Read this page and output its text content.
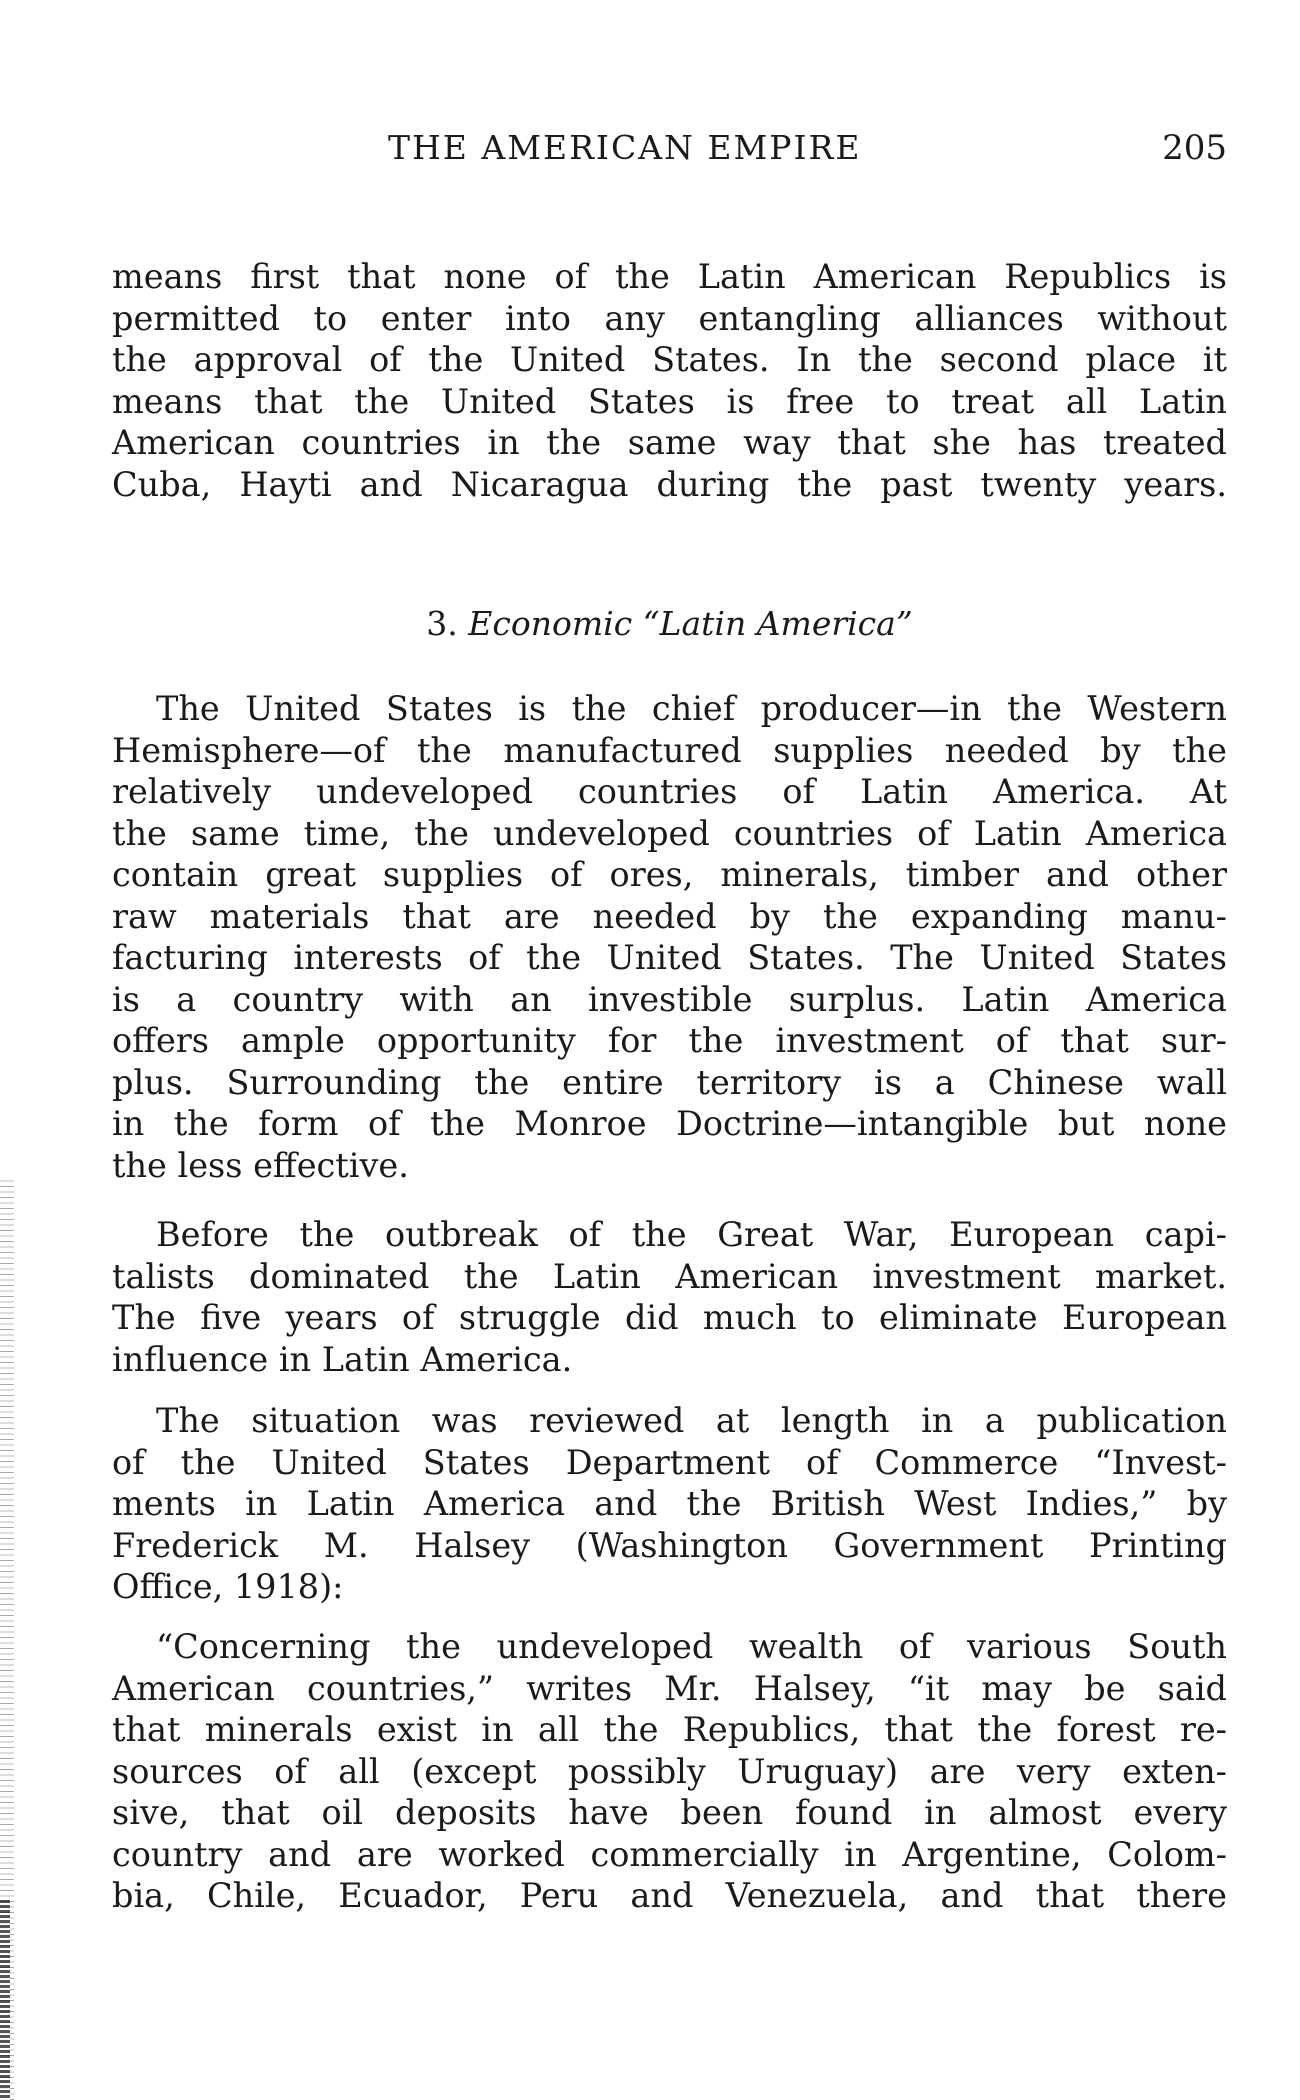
THE AMERICAN EMPIRE	205
means first that none of the Latin American Republics is
permitted to enter into any entangling alliances without
the approval of the United States. In the second place it
means that the United States is free to treat all Latin
American countries in the same way that she has treated
Cuba, Hayti and Nicaragua during the past twenty years.
3. Economic “Latin America”
The United States is the chief producer—in the Western
Hemisphere—of the manufactured supplies needed by the
relatively undeveloped countries of Latin America. At
the same time, the undeveloped countries of Latin America
contain great supplies of ores, minerals, timber and other
raw materials that are needed by the expanding manu-
facturing interests of the United States. The United States
is a country with an investible surplus. Latin America
offers ample opportunity for the investment of that sur-
plus. Surrounding the entire territory is a Chinese wall
in the form of the Monroe Doctrine—intangible but none
the less effective.
Before the outbreak of the Great War, European capi-
talists dominated the Latin American investment market.
The five years of struggle did much to eliminate European
influence in Latin America.
The situation was reviewed at length in a publication
of the United States Department of Commerce “Invest-
ments in Latin America and the British West Indies,” by
Frederick M. Halsey (Washington Government Printing
Office, 1918):
“Concerning the undeveloped wealth of various South
American countries,” writes Mr. Halsey, “it may be said
that minerals exist in all the Republics, that the forest re-
sources of all (except possibly Uruguay) are very exten-
sive, that oil deposits have been found in almost every
country and are worked commercially in Argentine, Colom-
bia, Chile, Ecuador, Peru and Venezuela, and that there
